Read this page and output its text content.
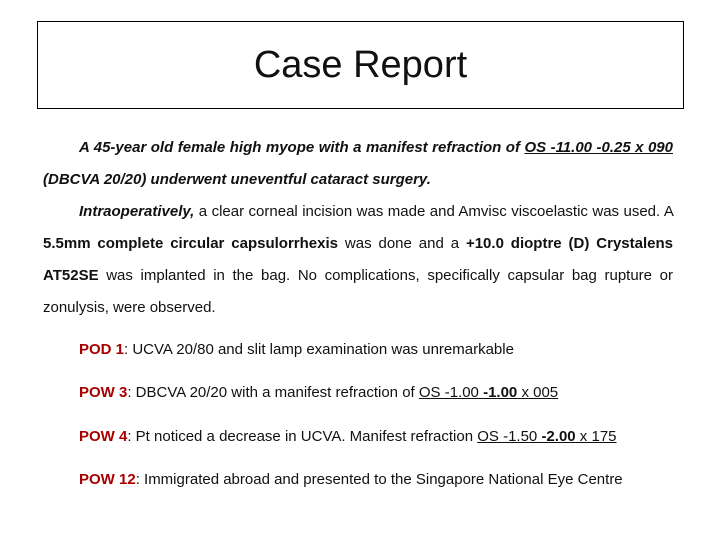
Case Report

A 45-year old female high myope with a manifest refraction of OS -11.00 -0.25 x 090 (DBCVA 20/20) underwent uneventful cataract surgery.

Intraoperatively, a clear corneal incision was made and Amvisc viscoelastic was used. A 5.5mm complete circular capsulorrhexis was done and a +10.0 dioptre (D) Crystalens AT52SE was implanted in the bag. No complications, specifically capsular bag rupture or zonulysis, were observed.

POD 1: UCVA 20/80 and slit lamp examination was unremarkable

POW 3: DBCVA 20/20 with a manifest refraction of OS -1.00 -1.00 x 005

POW 4: Pt noticed a decrease in UCVA. Manifest refraction OS -1.50 -2.00 x 175

POW 12: Immigrated abroad and presented to the Singapore National Eye Centre
